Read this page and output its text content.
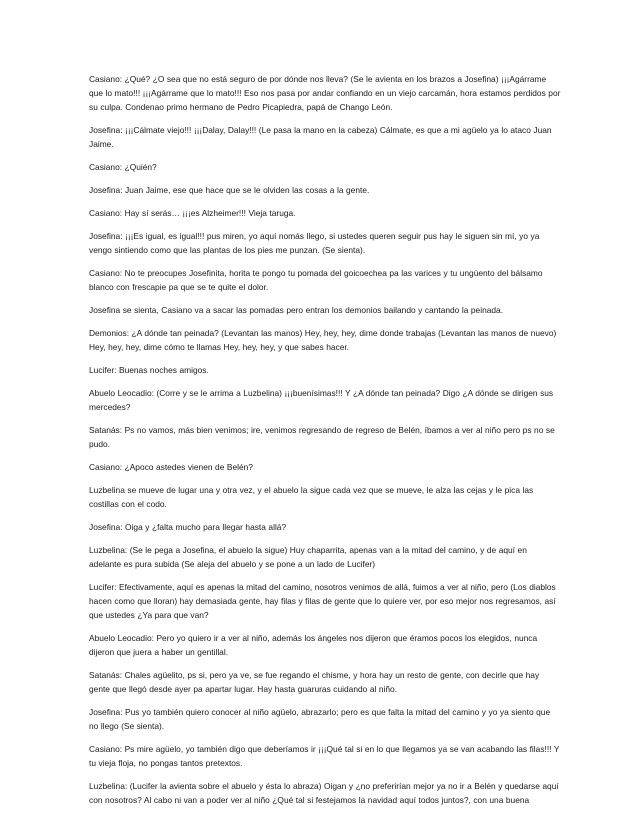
Casiano: ¿Qué? ¿O sea que no está seguro de por dónde nos lleva? (Se le avienta en los brazos a Josefina) ¡¡¡Agárrame que lo mato!!! ¡¡¡Agárrame que lo mato!!! Eso nos pasa por andar confiando en un viejo carcamán, hora estamos perdidos por su culpa. Condenao primo hermano de Pedro Picapiedra, papá de Chango León.

Josefina: ¡¡¡Cálmate viejo!!! ¡¡¡Dalay, Dalay!!! (Le pasa la mano en la cabeza) Cálmate, es que a mi agüelo ya lo ataco Juan Jaime.

Casiano: ¿Quién?

Josefina: Juan Jaime, ese que hace que se le olviden las cosas a la gente.

Casiano: Hay sí serás… ¡¡¡es Alzheimer!!! Vieja taruga.

Josefina: ¡¡¡Es igual, es igual!!! pus miren, yo aquí nomás llego, si ustedes queren seguir pus hay le siguen sin mí, yo ya vengo sintiendo como que las plantas de los pies me punzan. (Se sienta).

Casiano: No te preocupes Josefinita, horita te pongo tu pomada del goicoechea pa las varices y tu ungüento del bálsamo blanco con frescapie pa que se te quite el dolor.

Josefina se sienta, Casiano va a sacar las pomadas pero entran los demonios bailando y cantando la peinada.

Demonios: ¿A dónde tan peinada? (Levantan las manos) Hey, hey, hey, dime donde trabajas (Levantan las manos de nuevo) Hey, hey, hey, dime cómo te llamas Hey, hey, hey, y que sabes hacer.

Lucifer: Buenas noches amigos.

Abuelo Leocadio: (Corre y se le arrima a Luzbelina) ¡¡¡buenísimas!!! Y ¿A dónde tan peinada? Digo ¿A dónde se dirigen sus mercedes?

Satanás: Ps no vamos, más bien venimos; ire, venimos regresando de regreso de Belén, íbamos a ver al niño pero ps no se pudo.

Casiano: ¿Apoco astedes vienen de Belén?

Luzbelina se mueve de lugar una y otra vez, y el abuelo la sigue cada vez que se mueve, le alza las cejas y le pica las costillas con el codo.

Josefina: Oiga y ¿falta mucho para llegar hasta allá?

Luzbelina: (Se le pega a Josefina, el abuelo la sigue) Huy chaparrita, apenas van a la mitad del camino, y de aquí en adelante es pura subida (Se aleja del abuelo y se pone a un lado de Lucifer)

Lucifer: Efectivamente, aquí es apenas la mitad del camino, nosotros venimos de allá, fuimos a ver al niño, pero (Los diablos hacen como que lloran) hay demasiada gente, hay filas y filas de gente que lo quiere ver, por eso mejor nos regresamos, así que ustedes ¿Ya para que van?

Abuelo Leocadio: Pero yo quiero ir a ver al niño, además los ángeles nos dijeron que éramos pocos los elegidos, nunca dijeron que juera a haber un gentillal.

Satanás: Chales agüelito, ps si, pero ya ve, se fue regando el chisme, y hora hay un resto de gente, con decirle que hay gente que llegó desde ayer pa apartar lugar. Hay hasta guaruras cuidando al niño.

Josefina: Pus yo también quiero conocer al niño agüelo, abrazarlo; pero es que falta la mitad del camino y yo ya siento que no llego (Se sienta).

Casiano: Ps mire agüelo, yo también digo que deberíamos ir ¡¡¡Qué tal si en lo que llegamos ya se van acabando las filas!!! Y tu vieja floja, no pongas tantos pretextos.

Luzbelina: (Lucifer la avienta sobre el abuelo y ésta lo abraza) Oigan y ¿no preferirían mejor ya no ir a Belén y quedarse aquí con nosotros? Al cabo ni van a poder ver al niño ¿Qué tal si festejamos la navidad aquí todos juntos?, con una buena
